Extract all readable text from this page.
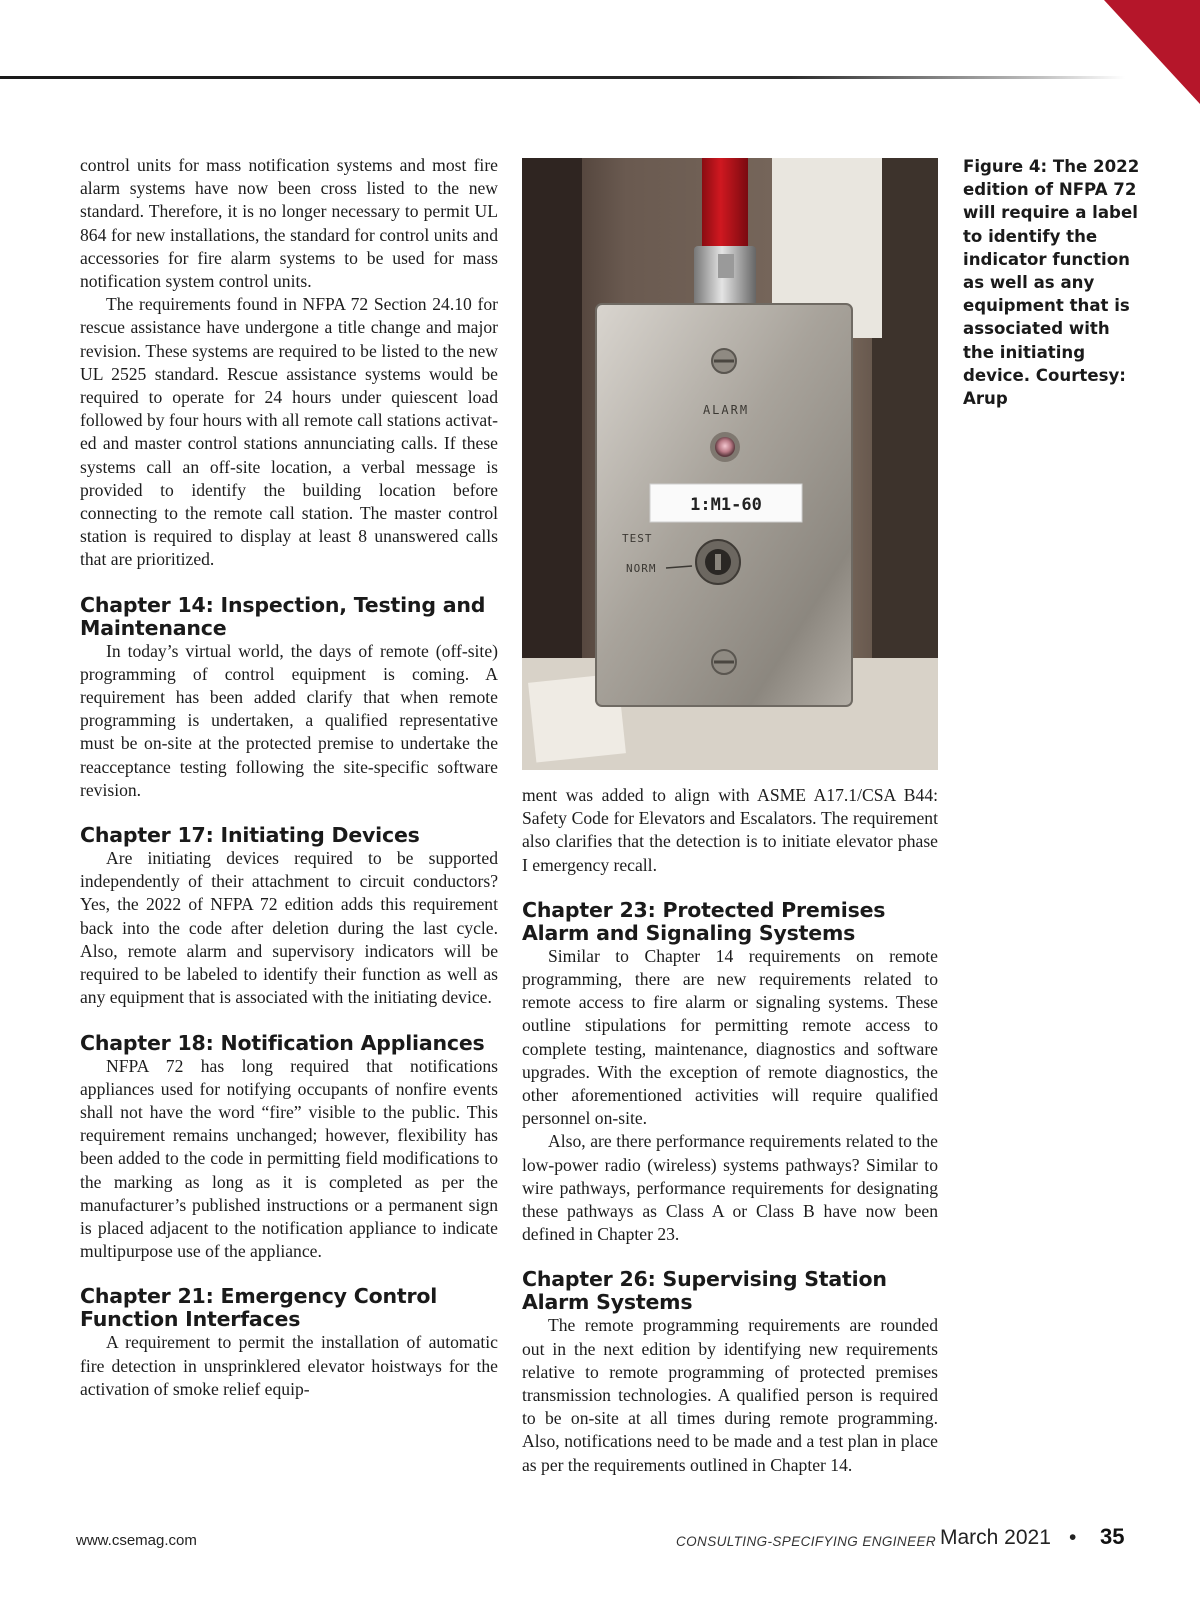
control units for mass notification systems and most fire alarm systems have now been cross listed to the new standard. Therefore, it is no longer necessary to permit UL 864 for new installations, the standard for control units and accessories for fire alarm systems to be used for mass notification system control units.

The requirements found in NFPA 72 Section 24.10 for rescue assistance have undergone a title change and major revision. These systems are required to be listed to the new UL 2525 standard. Rescue assistance systems would be required to operate for 24 hours under quiescent load followed by four hours with all remote call stations activated and master control stations annunciating calls. If these systems call an off-site location, a verbal message is provided to identify the building location before connecting to the remote call station. The master control station is required to display at least 8 unanswered calls that are prioritized.

Chapter 14: Inspection, Testing and Maintenance

In today’s virtual world, the days of remote (off-site) programming of control equipment is coming. A requirement has been added clarify that when remote programming is undertaken, a qualified representative must be on-site at the protected premise to undertake the reacceptance testing following the site-specific software revision.

Chapter 17: Initiating Devices

Are initiating devices required to be supported independently of their attachment to circuit conductors? Yes, the 2022 of NFPA 72 edition adds this requirement back into the code after deletion during the last cycle. Also, remote alarm and supervisory indicators will be required to be labeled to identify their function as well as any equipment that is associated with the initiating device.

Chapter 18: Notification Appliances

NFPA 72 has long required that notifications appliances used for notifying occupants of nonfire events shall not have the word “fire” visible to the public. This requirement remains unchanged; however, flexibility has been added to the code in permitting field modifications to the marking as long as it is completed as per the manufacturer’s published instructions or a permanent sign is placed adjacent to the notification appliance to indicate multipurpose use of the appliance.

Chapter 21: Emergency Control Function Interfaces

A requirement to permit the installation of automatic fire detection in unsprinklered elevator hoistways for the activation of smoke relief equip-

ALARM
1:M1-60
TEST
NORM
Figure 4: The 2022 edition of NFPA 72 will require a label to identify the indicator function as well as any equipment that is associated with the initiating device. Courtesy: Arup

ment was added to align with ASME A17.1/CSA B44: Safety Code for Elevators and Escalators. The requirement also clarifies that the detection is to initiate elevator phase I emergency recall.

Chapter 23: Protected Premises Alarm and Signaling Systems

Similar to Chapter 14 requirements on remote programming, there are new requirements related to remote access to fire alarm or signaling systems. These outline stipulations for permitting remote access to complete testing, maintenance, diagnostics and software upgrades. With the exception of remote diagnostics, the other aforementioned activities will require qualified personnel on-site.

Also, are there performance requirements related to the low-power radio (wireless) systems pathways? Similar to wire pathways, performance requirements for designating these pathways as Class A or Class B have now been defined in Chapter 23.

Chapter 26: Supervising Station Alarm Systems

The remote programming requirements are rounded out in the next edition by identifying new requirements relative to remote programming of protected premises transmission technologies. A qualified person is required to be on-site at all times during remote programming. Also, notifications need to be made and a test plan in place as per the requirements outlined in Chapter 14.

www.csemag.com	CONSULTING-SPECIFYING ENGINEER March 2021 • 35
